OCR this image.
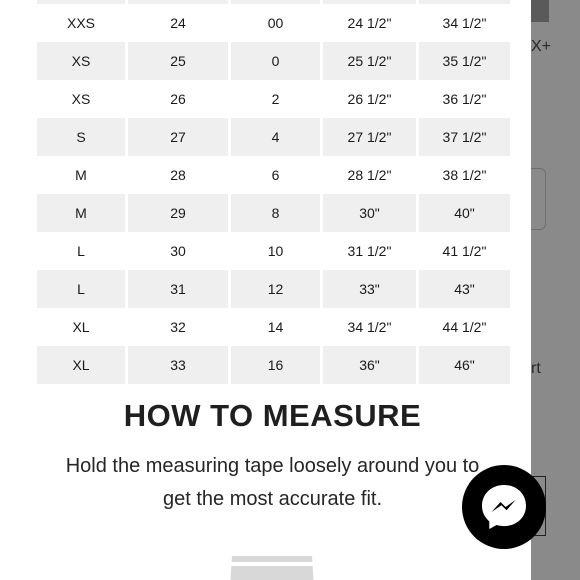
X+
rt
XXS	24	00	24 1/2"	34 1/2"
XS	25	0	25 1/2"	35 1/2"
XS	26	2	26 1/2"	36 1/2"
S	27	4	27 1/2"	37 1/2"
M	28	6	28 1/2"	38 1/2"
M	29	8	30"	40"
L	30	10	31 1/2"	41 1/2"
L	31	12	33"	43"
XL	32	14	34 1/2"	44 1/2"
XL	33	16	36"	46"
HOW TO MEASURE
Hold the measuring tape loosely around you to get the most accurate fit.
